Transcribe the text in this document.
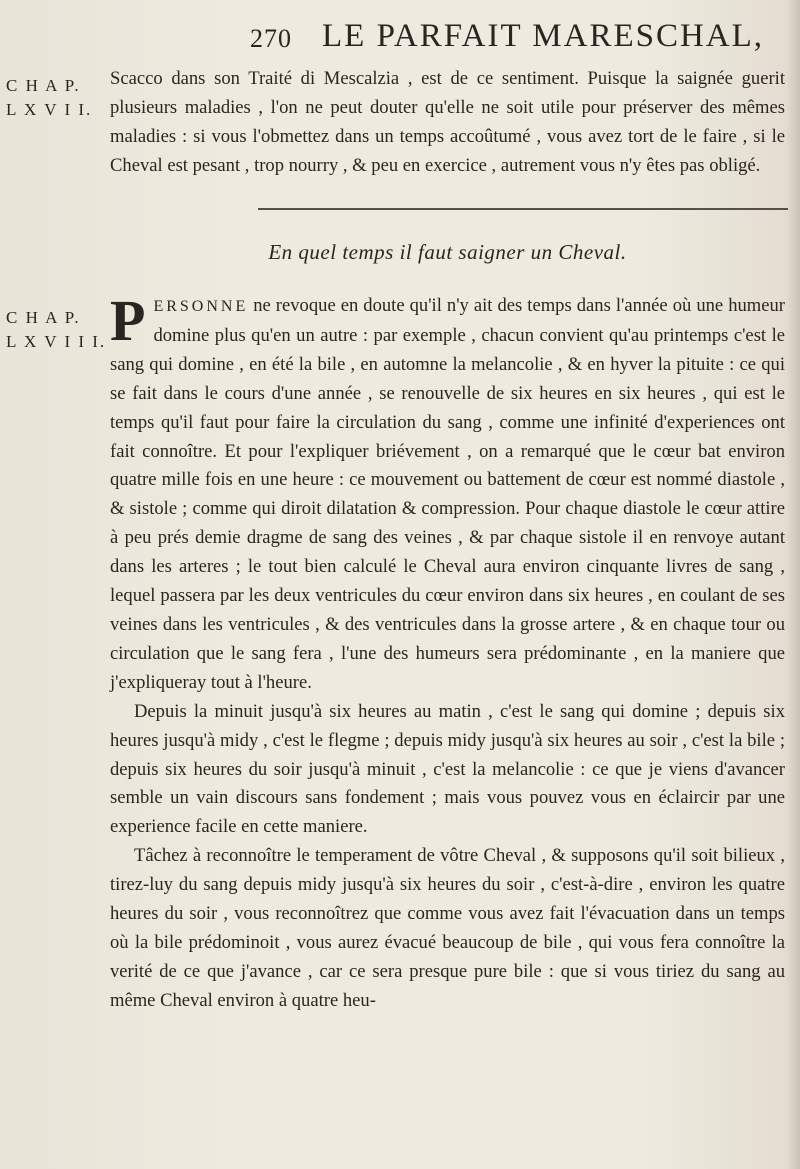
270 LE PARFAIT MARESCHAL,
C H A P.
L X V I I.

Scacco dans son Traité di Mescalzia , est de ce sentiment. Puisque la saignée guerit plusieurs maladies , l'on ne peut douter qu'elle ne soit utile pour préserver des mêmes maladies : si vous l'obmettez dans un temps accoûtumé , vous avez tort de le faire , si le Cheval est pesant , trop nourry , & peu en exercice , autrement vous n'y êtes pas obligé.

En quel temps il faut saigner un Cheval.
C H A P.
L X V I I I. PERSONNE ne revoque en doute qu'il n'y ait des temps dans l'année où une humeur domine plus qu'en un autre : par exemple , chacun convient qu'au printemps c'est le sang qui domine , en été la bile , en automne la melancolie , & en hyver la pituite : ce qui se fait dans le cours d'une année , se renouvelle de six heures en six heures , qui est le temps qu'il faut pour faire la circulation du sang , comme une infinité d'experiences ont fait connoître. Et pour l'expliquer briévement , on a remarqué que le cœur bat environ quatre mille fois en une heure : ce mouvement ou battement de cœur est nommé diastole , & sistole ; comme qui diroit dilatation & compression. Pour chaque diastole le cœur attire à peu prés demie dragme de sang des veines , & par chaque sistole il en renvoye autant dans les arteres ; le tout bien calculé le Cheval aura environ cinquante livres de sang , lequel passera par les deux ventricules du cœur environ dans six heures , en coulant de ses veines dans les ventricules , & des ventricules dans la grosse artere , & en chaque tour ou circulation que le sang fera , l'une des humeurs sera prédominante , en la maniere que j'expliqueray tout à l'heure.

Depuis la minuit jusqu'à six heures au matin , c'est le sang qui domine ; depuis six heures jusqu'à midy , c'est le flegme ; depuis midy jusqu'à six heures au soir , c'est la bile ; depuis six heures du soir jusqu'à minuit , c'est la melancolie : ce que je viens d'avancer semble un vain discours sans fondement ; mais vous pouvez vous en éclaircir par une experience facile en cette maniere.

Tâchez à reconnoître le temperament de vôtre Cheval , & supposons qu'il soit bilieux , tirez-luy du sang depuis midy jusqu'à six heures du soir , c'est-à-dire , environ les quatre heures du soir , vous reconnoîtrez que comme vous avez fait l'évacuation dans un temps où la bile prédominoit , vous aurez évacué beaucoup de bile , qui vous fera connoître la verité de ce que j'avance , car ce sera presque pure bile : que si vous tiriez du sang au même Cheval environ à quatre heu-
